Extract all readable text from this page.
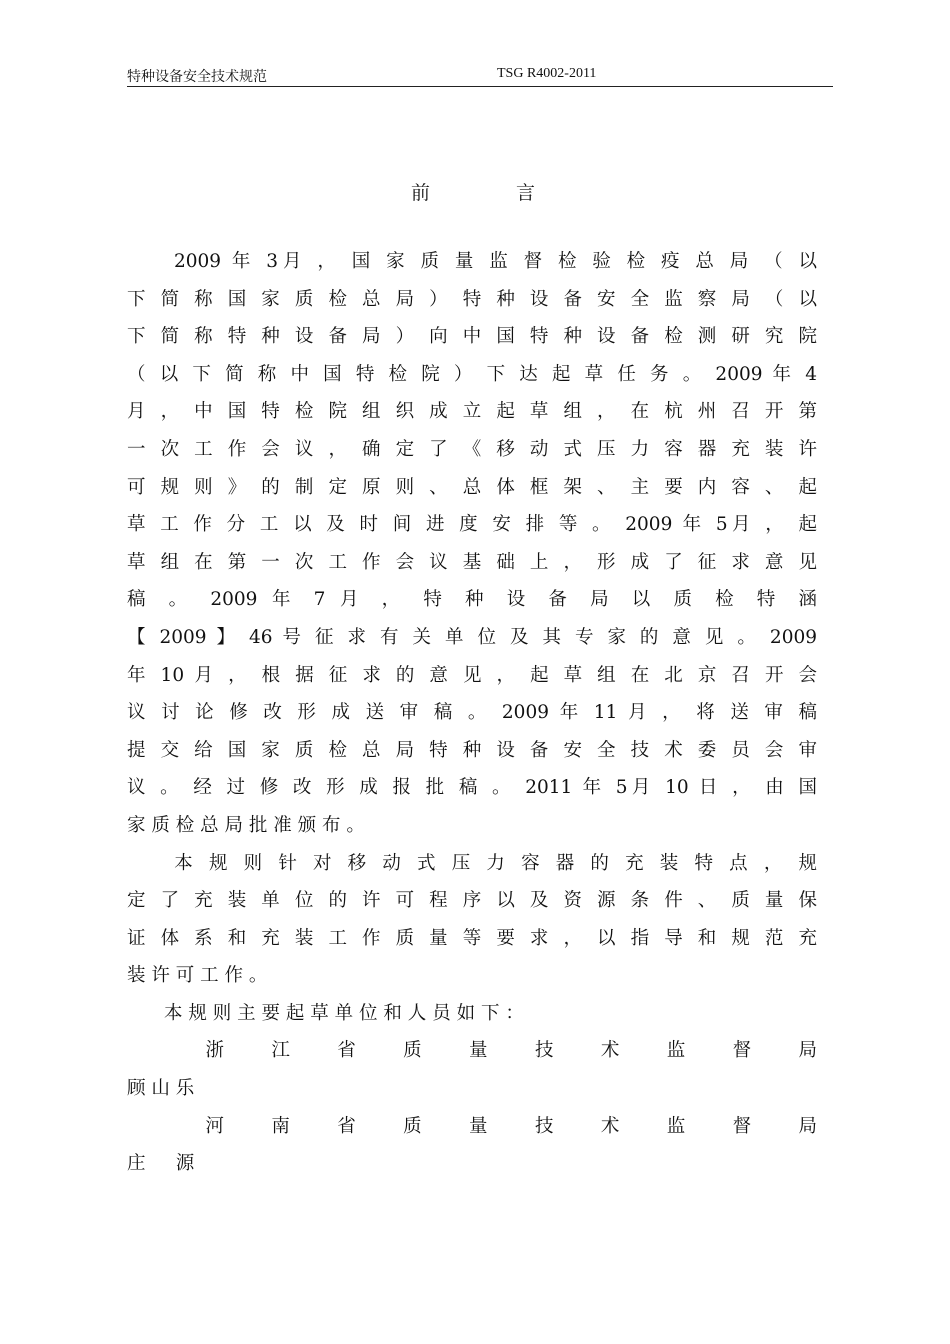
特种设备安全技术规范	TSG R4002-2011
前	言
　　2009 年 3月 ， 国 家 质 量 监 督 检 验 检 疫 总 局 （ 以
下 简 称 国 家 质 检 总 局 ） 特 种 设 备 安 全 监 察 局 （ 以
下 简 称 特 种 设 备 局 ） 向 中 国 特 种 设 备 检 测 研 究 院
（ 以 下 简 称 中 国 特 检 院 ） 下 达 起 草 任 务 。 2009 年 4
月 ， 中 国 特 检 院 组 织 成 立 起 草 组 ， 在 杭 州 召 开 第
一 次 工 作 会 议 ， 确 定 了 《 移 动 式 压 力 容 器 充 装 许
可 规 则 》 的 制 定 原 则 、 总 体 框 架 、 主 要 内 容 、 起
草 工 作 分 工 以 及 时 间 进 度 安 排 等 。 2009 年 5月 ， 起
草 组 在 第 一 次 工 作 会 议 基 础 上 ， 形 成 了 征 求 意 见
稿 。 2009 年 7 月 ， 特 种 设 备 局 以 质 检 特 涵
【 2009 】 46 号 征 求 有 关 单 位 及 其 专 家 的 意 见 。 2009
年 10 月 ， 根 据 征 求 的 意 见 ， 起 草 组 在 北 京 召 开 会
议 讨 论 修 改 形 成 送 审 稿 。 2009 年 11 月 ， 将 送 审 稿
提 交 给 国 家 质 检 总 局 特 种 设 备 安 全 技 术 委 员 会 审
议 。 经 过 修 改 形 成 报 批 稿 。 2011 年 5月 10 日 ， 由 国
家 质 检 总 局 批 准 颁 布 。
　　本 规 则 针 对 移 动 式 压 力 容 器 的 充 装 特 点 ， 规
定 了 充 装 单 位 的 许 可 程 序 以 及 资 源 条 件 、 质 量 保
证 体 系 和 充 装 工 作 质 量 等 要 求 ， 以 指 导 和 规 范 充
装 许 可 工 作 。
　　本 规 则 主 要 起 草 单 位 和 人 员 如 下 ：
　　浙 江 省 质 量 技 术 监 督 局
顾 山 乐
　　河 南 省 质 量 技 术 监 督 局
庄 　 源
